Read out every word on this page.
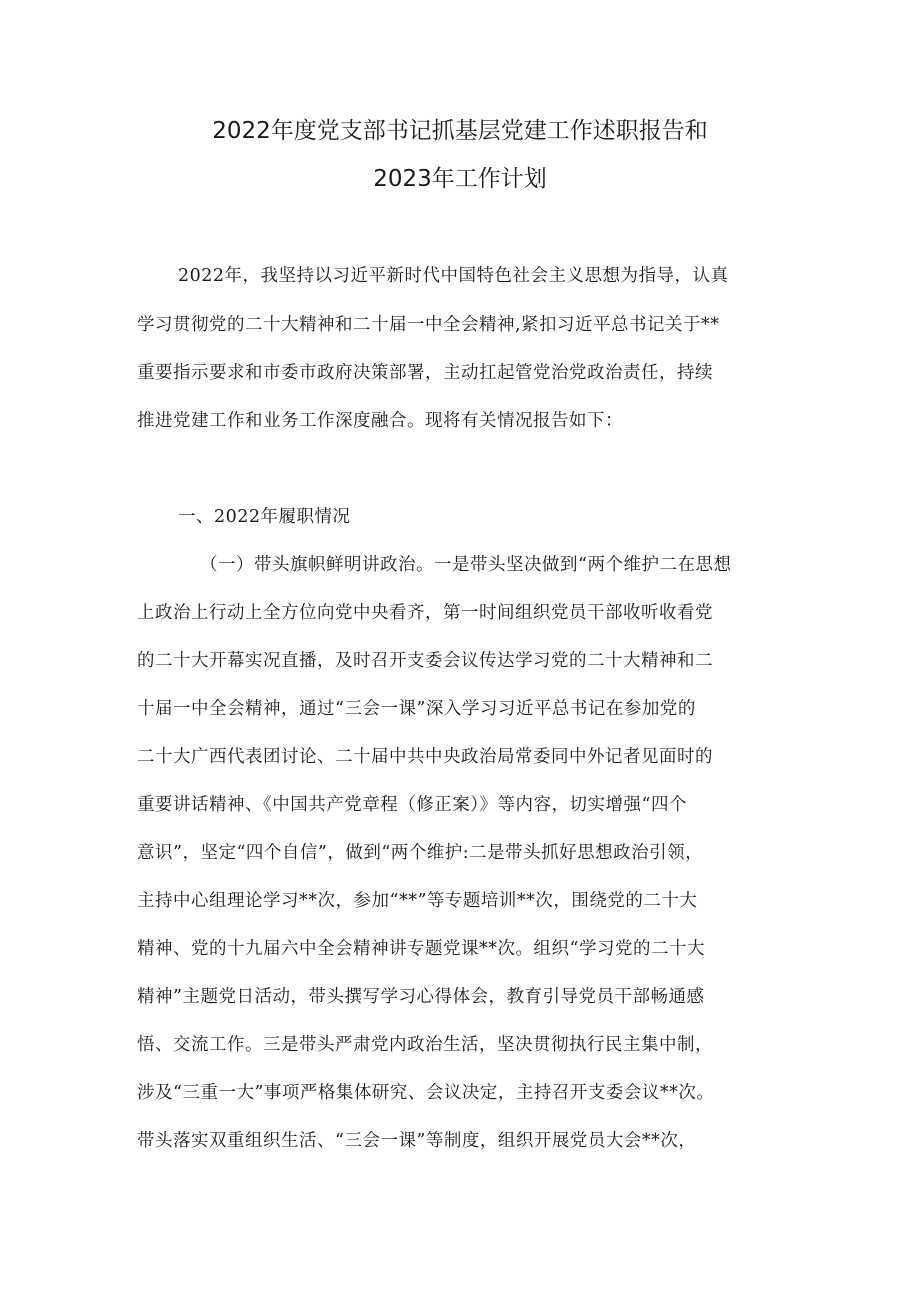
2022年度党支部书记抓基层党建工作述职报告和
2023年工作计划

2022年，我坚持以习近平新时代中国特色社会主义思想为指导，认真

学习贯彻党的二十大精神和二十届一中全会精神,紧扣习近平总书记关于**

重要指示要求和市委市政府决策部署，主动扛起管党治党政治责任，持续

推进党建工作和业务工作深度融合。现将有关情况报告如下：

一、2022年履职情况

（一）带头旗帜鲜明讲政治。一是带头坚决做到“两个维护二在思想

上政治上行动上全方位向党中央看齐，第一时间组织党员干部收听收看党

的二十大开幕实况直播，及时召开支委会议传达学习党的二十大精神和二

十届一中全会精神，通过“三会一课”深入学习习近平总书记在参加党的

二十大广西代表团讨论、二十届中共中央政治局常委同中外记者见面时的

重要讲话精神、《中国共产党章程（修正案）》等内容，切实增强“四个

意识”，坚定“四个自信”，做到“两个维护:二是带头抓好思想政治引领，

主持中心组理论学习**次，参加“**”等专题培训**次，围绕党的二十大

精神、党的十九届六中全会精神讲专题党课**次。组织“学习党的二十大

精神”主题党日活动，带头撰写学习心得体会，教育引导党员干部畅通感

悟、交流工作。三是带头严肃党内政治生活，坚决贯彻执行民主集中制，

涉及“三重一大”事项严格集体研究、会议决定，主持召开支委会议**次。

带头落实双重组织生活、“三会一课”等制度，组织开展党员大会**次，
